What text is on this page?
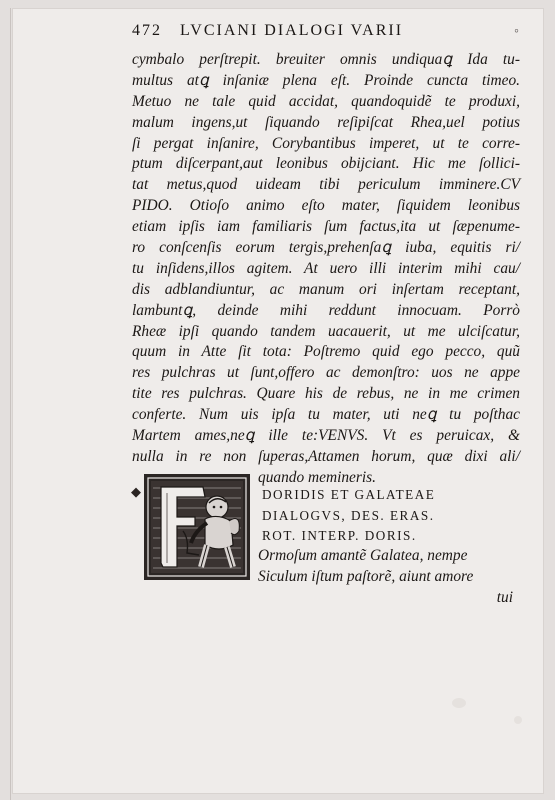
472 LVCIANI DIALOGI VARII
cymbalo perſtrepit. breuiter omnis undiquaꝗ Ida tu-
multus atꝗ inſaniæ plena eſt. Proinde cuncta timeo.
Metuo ne tale quid accidat, quandoquidẽ te produxi,
malum ingens,ut ſiquando reſipiſcat Rhea,uel potius
ſi pergat inſanire, Corybantibus imperet, ut te corre-
ptum diſcerpant,aut leonibus obijciant. Hic me ſollici-
tat metus,quod uideam tibi periculum imminere.CV
PIDO. Otioſo animo eſto mater, ſiquidem leonibus
etiam ipſis iam familiaris ſum factus,ita ut ſæpenume-
ro conſcenſis eorum tergis,prehenſaꝗ iuba, equitis ri/
tu inſidens,illos agitem. At uero illi interim mihi cau/
dis adblandiuntur, ac manum ori inſertam receptant,
lambuntꝗ, deinde mihi reddunt innocuam. Porrò
Rheæ ipſi quando tandem uacauerit, ut me ulciſcatur,
quum in Atte ſit tota: Poſtremo quid ego pecco, quũ
res pulchras ut ſunt,offero ac demonſtro: uos ne appe
tite res pulchras. Quare his de rebus, ne in me crimen
conferte. Num uis ipſa tu mater, uti neꝗ tu poſthac
Martem ames,neꝗ ille te:VENVS. Vt es peruicax, &
nulla in re non ſuperas,Attamen horum, quæ dixi ali/
quando memineris.
◆	DORIDIS ET GALATEAE
DIALOGVS, DES. ERAS.
ROT. INTERP. DORIS.
Ormoſum amantẽ Galatea, nempe
Siculum iſtum paſtorẽ, aiunt amore
tui
◦
